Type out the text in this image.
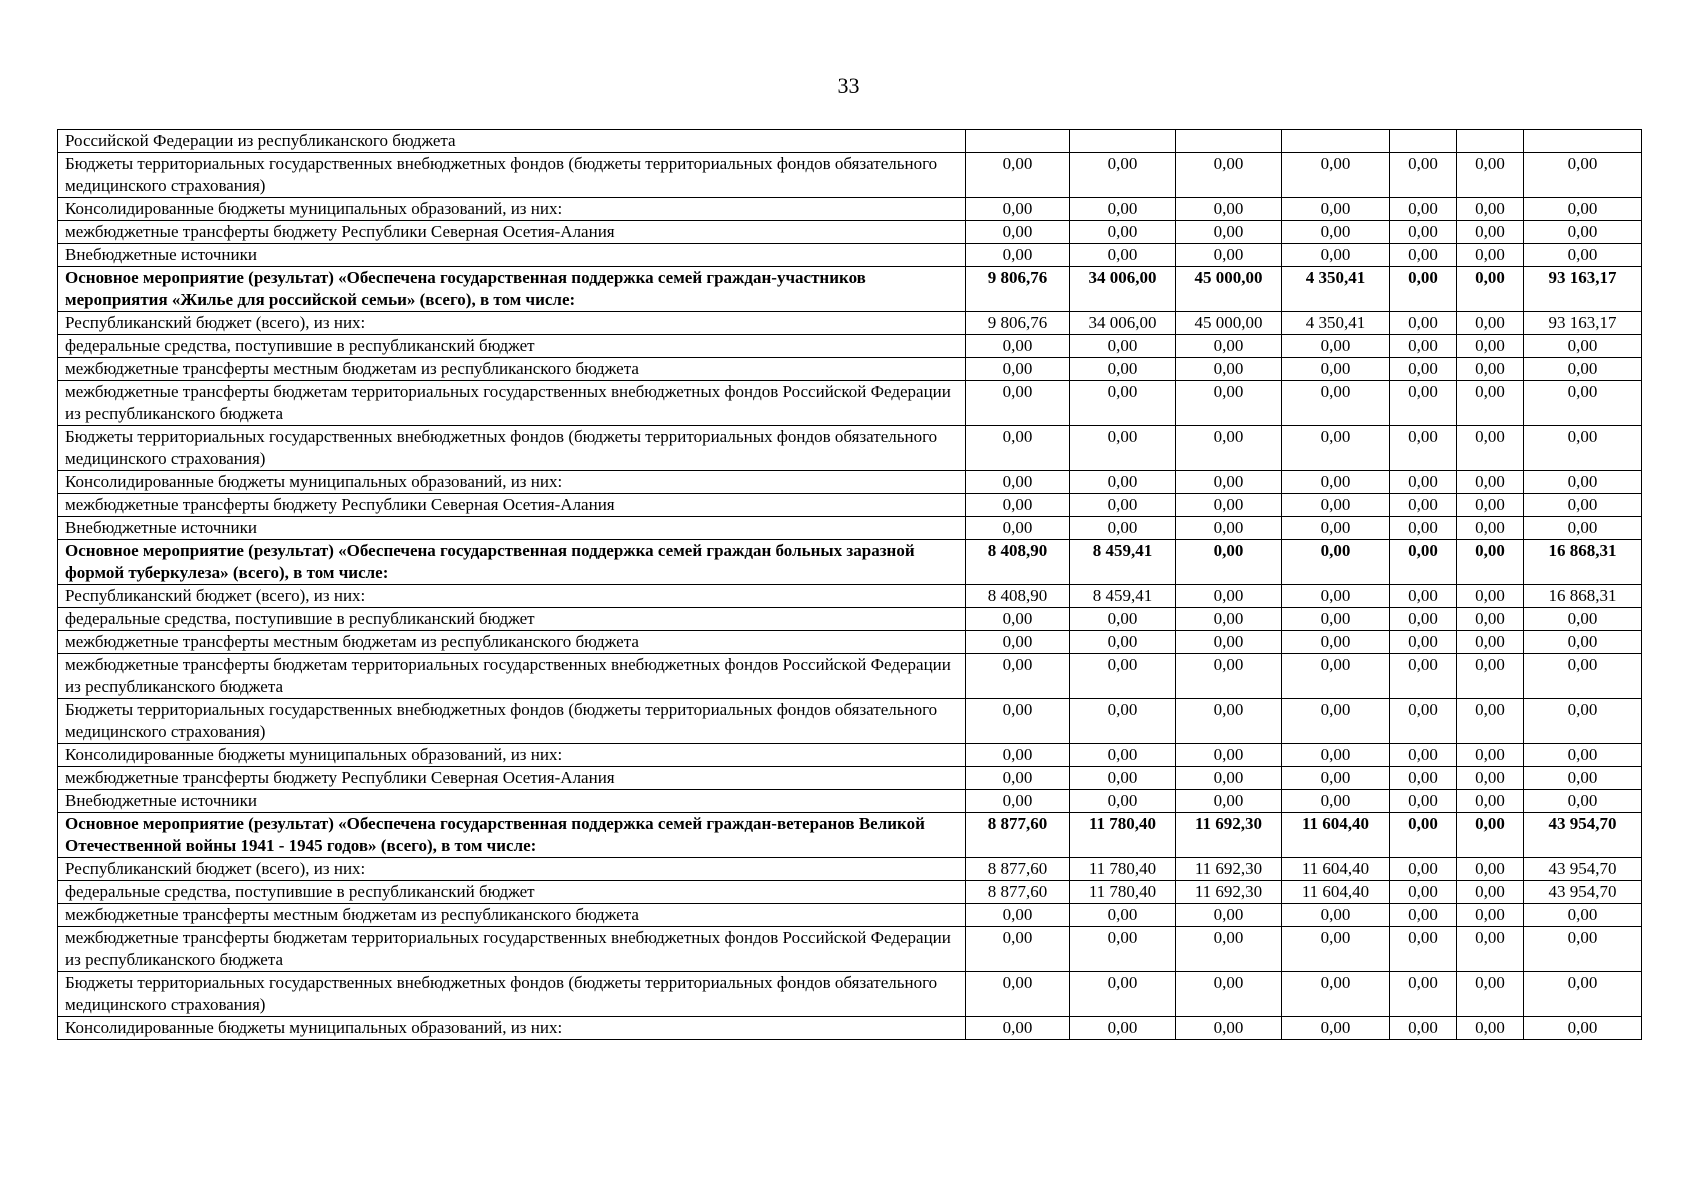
33
Российской Федерации из республиканского бюджета							
Бюджеты территориальных государственных внебюджетных фондов (бюджеты территориальных фондов обязательного медицинского страхования)	0,00	0,00	0,00	0,00	0,00	0,00	0,00
Консолидированные бюджеты муниципальных образований, из них:	0,00	0,00	0,00	0,00	0,00	0,00	0,00
межбюджетные трансферты бюджету Республики Северная Осетия-Алания	0,00	0,00	0,00	0,00	0,00	0,00	0,00
Внебюджетные источники	0,00	0,00	0,00	0,00	0,00	0,00	0,00
Основное мероприятие (результат) «Обеспечена государственная поддержка семей граждан-участников мероприятия «Жилье для российской семьи» (всего), в том числе:	9 806,76	34 006,00	45 000,00	4 350,41	0,00	0,00	93 163,17
Республиканский бюджет (всего), из них:	9 806,76	34 006,00	45 000,00	4 350,41	0,00	0,00	93 163,17
федеральные средства, поступившие в республиканский бюджет	0,00	0,00	0,00	0,00	0,00	0,00	0,00
межбюджетные трансферты местным бюджетам из республиканского бюджета	0,00	0,00	0,00	0,00	0,00	0,00	0,00
межбюджетные трансферты бюджетам территориальных государственных внебюджетных фондов Российской Федерации из республиканского бюджета	0,00	0,00	0,00	0,00	0,00	0,00	0,00
Бюджеты территориальных государственных внебюджетных фондов (бюджеты территориальных фондов обязательного медицинского страхования)	0,00	0,00	0,00	0,00	0,00	0,00	0,00
Консолидированные бюджеты муниципальных образований, из них:	0,00	0,00	0,00	0,00	0,00	0,00	0,00
межбюджетные трансферты бюджету Республики Северная Осетия-Алания	0,00	0,00	0,00	0,00	0,00	0,00	0,00
Внебюджетные источники	0,00	0,00	0,00	0,00	0,00	0,00	0,00
Основное мероприятие (результат) «Обеспечена государственная поддержка семей граждан больных заразной формой туберкулеза» (всего), в том числе:	8 408,90	8 459,41	0,00	0,00	0,00	0,00	16 868,31
Республиканский бюджет (всего), из них:	8 408,90	8 459,41	0,00	0,00	0,00	0,00	16 868,31
федеральные средства, поступившие в республиканский бюджет	0,00	0,00	0,00	0,00	0,00	0,00	0,00
межбюджетные трансферты местным бюджетам из республиканского бюджета	0,00	0,00	0,00	0,00	0,00	0,00	0,00
межбюджетные трансферты бюджетам территориальных государственных внебюджетных фондов Российской Федерации из республиканского бюджета	0,00	0,00	0,00	0,00	0,00	0,00	0,00
Бюджеты территориальных государственных внебюджетных фондов (бюджеты территориальных фондов обязательного медицинского страхования)	0,00	0,00	0,00	0,00	0,00	0,00	0,00
Консолидированные бюджеты муниципальных образований, из них:	0,00	0,00	0,00	0,00	0,00	0,00	0,00
межбюджетные трансферты бюджету Республики Северная Осетия-Алания	0,00	0,00	0,00	0,00	0,00	0,00	0,00
Внебюджетные источники	0,00	0,00	0,00	0,00	0,00	0,00	0,00
Основное мероприятие (результат) «Обеспечена государственная поддержка семей граждан-ветеранов Великой Отечественной войны 1941 - 1945 годов» (всего), в том числе:	8 877,60	11 780,40	11 692,30	11 604,40	0,00	0,00	43 954,70
Республиканский бюджет (всего), из них:	8 877,60	11 780,40	11 692,30	11 604,40	0,00	0,00	43 954,70
федеральные средства, поступившие в республиканский бюджет	8 877,60	11 780,40	11 692,30	11 604,40	0,00	0,00	43 954,70
межбюджетные трансферты местным бюджетам из республиканского бюджета	0,00	0,00	0,00	0,00	0,00	0,00	0,00
межбюджетные трансферты бюджетам территориальных государственных внебюджетных фондов Российской Федерации из республиканского бюджета	0,00	0,00	0,00	0,00	0,00	0,00	0,00
Бюджеты территориальных государственных внебюджетных фондов (бюджеты территориальных фондов обязательного медицинского страхования)	0,00	0,00	0,00	0,00	0,00	0,00	0,00
Консолидированные бюджеты муниципальных образований, из них:	0,00	0,00	0,00	0,00	0,00	0,00	0,00
